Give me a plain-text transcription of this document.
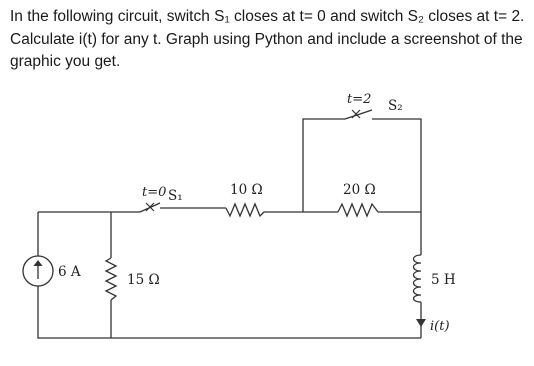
In the following circuit, switch S₁ closes at t= 0 and switch S₂ closes at t= 2.

Calculate i(t) for any t. Graph using Python and include a screenshot of the

graphic you get.

6 A	15 Ω
t=0 S₁	10 Ω	20 Ω
t=2 S₂
5 H
i(t)
